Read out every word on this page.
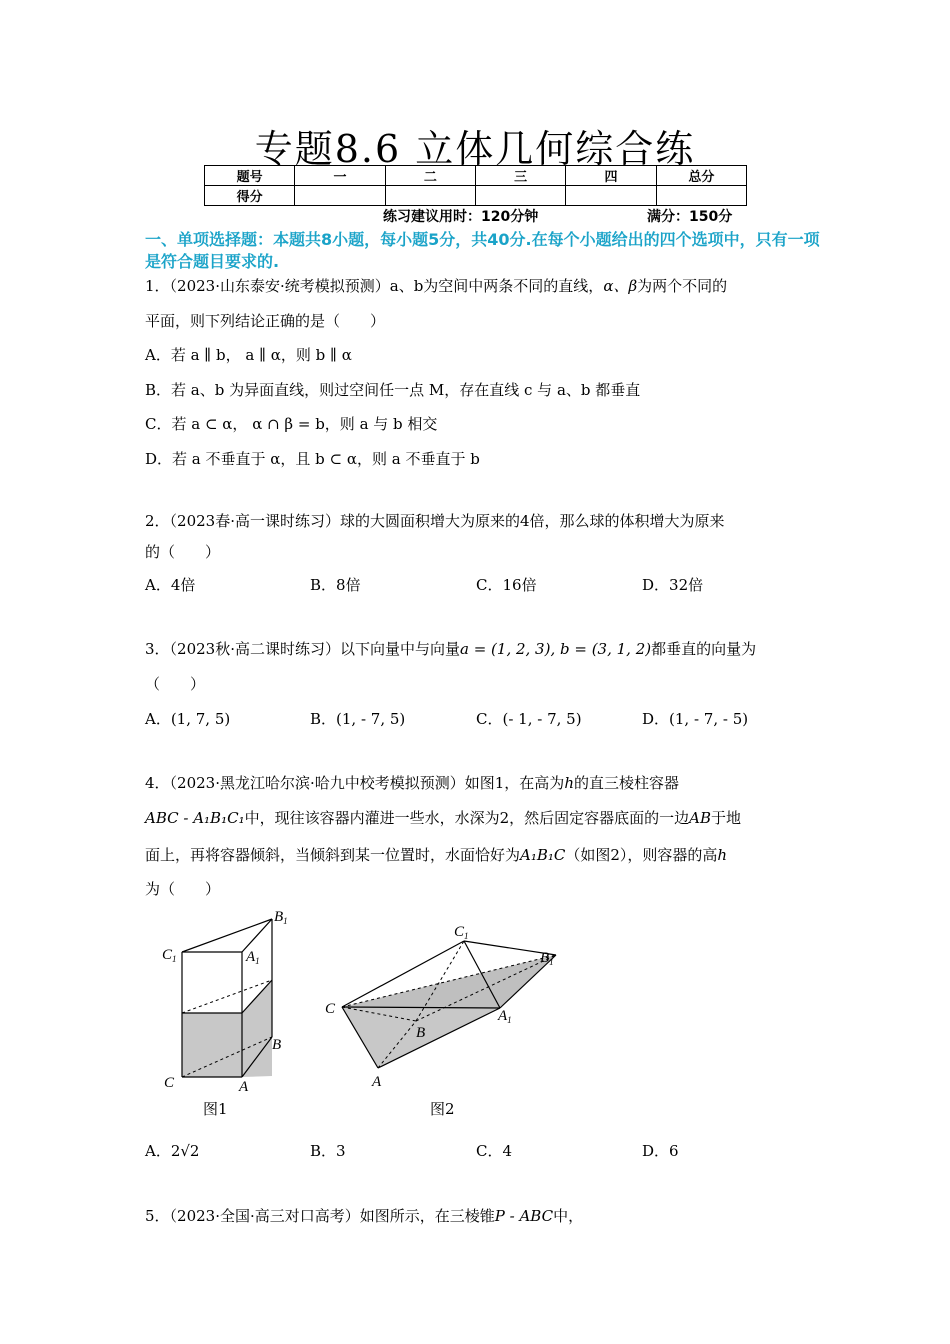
专题8.6 立体几何综合练
题号	一	二	三	四	总分
得分					
练习建议用时：120分钟	满分：150分
一、单项选择题：本题共8小题，每小题5分，共40分.在每个小题给出的四个选项中，只有一项是符合题目要求的.
1．（2023·山东泰安·统考模拟预测）a、b为空间中两条不同的直线，α、β为两个不同的
平面，则下列结论正确的是（　　）
A．若 a ∥ b， a ∥ α，则 b ∥ α
B．若 a、b 为异面直线，则过空间任一点 M，存在直线 c 与 a、b 都垂直
C．若 a ⊂ α， α ∩ β = b，则 a 与 b 相交
D．若 a 不垂直于 α，且 b ⊂ α，则 a 不垂直于 b
2．（2023春·高一课时练习）球的大圆面积增大为原来的4倍，那么球的体积增大为原来
的（　　）
A．4倍	B．8倍	C．16倍	D．32倍
3．（2023秋·高二课时练习）以下向量中与向量a = (1, 2, 3), b = (3, 1, 2)都垂直的向量为
（　　）
A．(1, 7, 5)	B．(1, - 7, 5)	C．(- 1, - 7, 5)	D．(1, - 7, - 5)
4．（2023·黑龙江哈尔滨·哈九中校考模拟预测）如图1，在高为h的直三棱柱容器
ABC - A₁B₁C₁中，现往该容器内灌进一些水，水深为2，然后固定容器底面的一边AB于地
面上，再将容器倾斜，当倾斜到某一位置时，水面恰好为A₁B₁C（如图2），则容器的高h
为（　　）
$B_1$
$C_1$	$A_1$
B
C	A
$C_1$
$B_1$
C	$A_1$
B
A
图1	图2
A．2√2	B．3	C．4	D．6
5．（2023·全国·高三对口高考）如图所示，在三棱锥P - ABC中，
